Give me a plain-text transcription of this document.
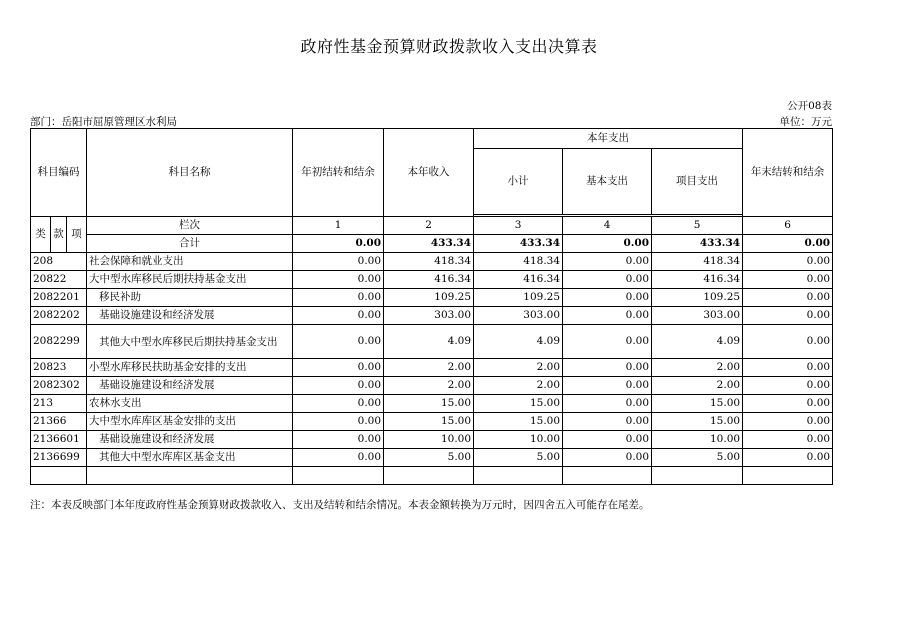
政府性基金预算财政拨款收入支出决算表
公开08表
部门：岳阳市屈原管理区水利局	单位：万元
科目编码			科目名称	年初结转和结余	本年收入	本年支出			年末结转和结余
						小计	基本支出	项目支出	

类	款	项	栏次	1	2	3	4	5	6
			合计	0.00	433.34	433.34	0.00	433.34	0.00
208			社会保障和就业支出	0.00	418.34	418.34	0.00	418.34	0.00
20822			大中型水库移民后期扶持基金支出	0.00	416.34	416.34	0.00	416.34	0.00
2082201			移民补助	0.00	109.25	109.25	0.00	109.25	0.00
2082202			基础设施建设和经济发展	0.00	303.00	303.00	0.00	303.00	0.00
2082299			其他大中型水库移民后期扶持基金支出	0.00	4.09	4.09	0.00	4.09	0.00
20823			小型水库移民扶助基金安排的支出	0.00	2.00	2.00	0.00	2.00	0.00
2082302			基础设施建设和经济发展	0.00	2.00	2.00	0.00	2.00	0.00
213			农林水支出	0.00	15.00	15.00	0.00	15.00	0.00
21366			大中型水库库区基金安排的支出	0.00	15.00	15.00	0.00	15.00	0.00
2136601			基础设施建设和经济发展	0.00	10.00	10.00	0.00	10.00	0.00
2136699			其他大中型水库库区基金支出	0.00	5.00	5.00	0.00	5.00	0.00

注：本表反映部门本年度政府性基金预算财政拨款收入、支出及结转和结余情况。本表金额转换为万元时，因四舍五入可能存在尾差。
